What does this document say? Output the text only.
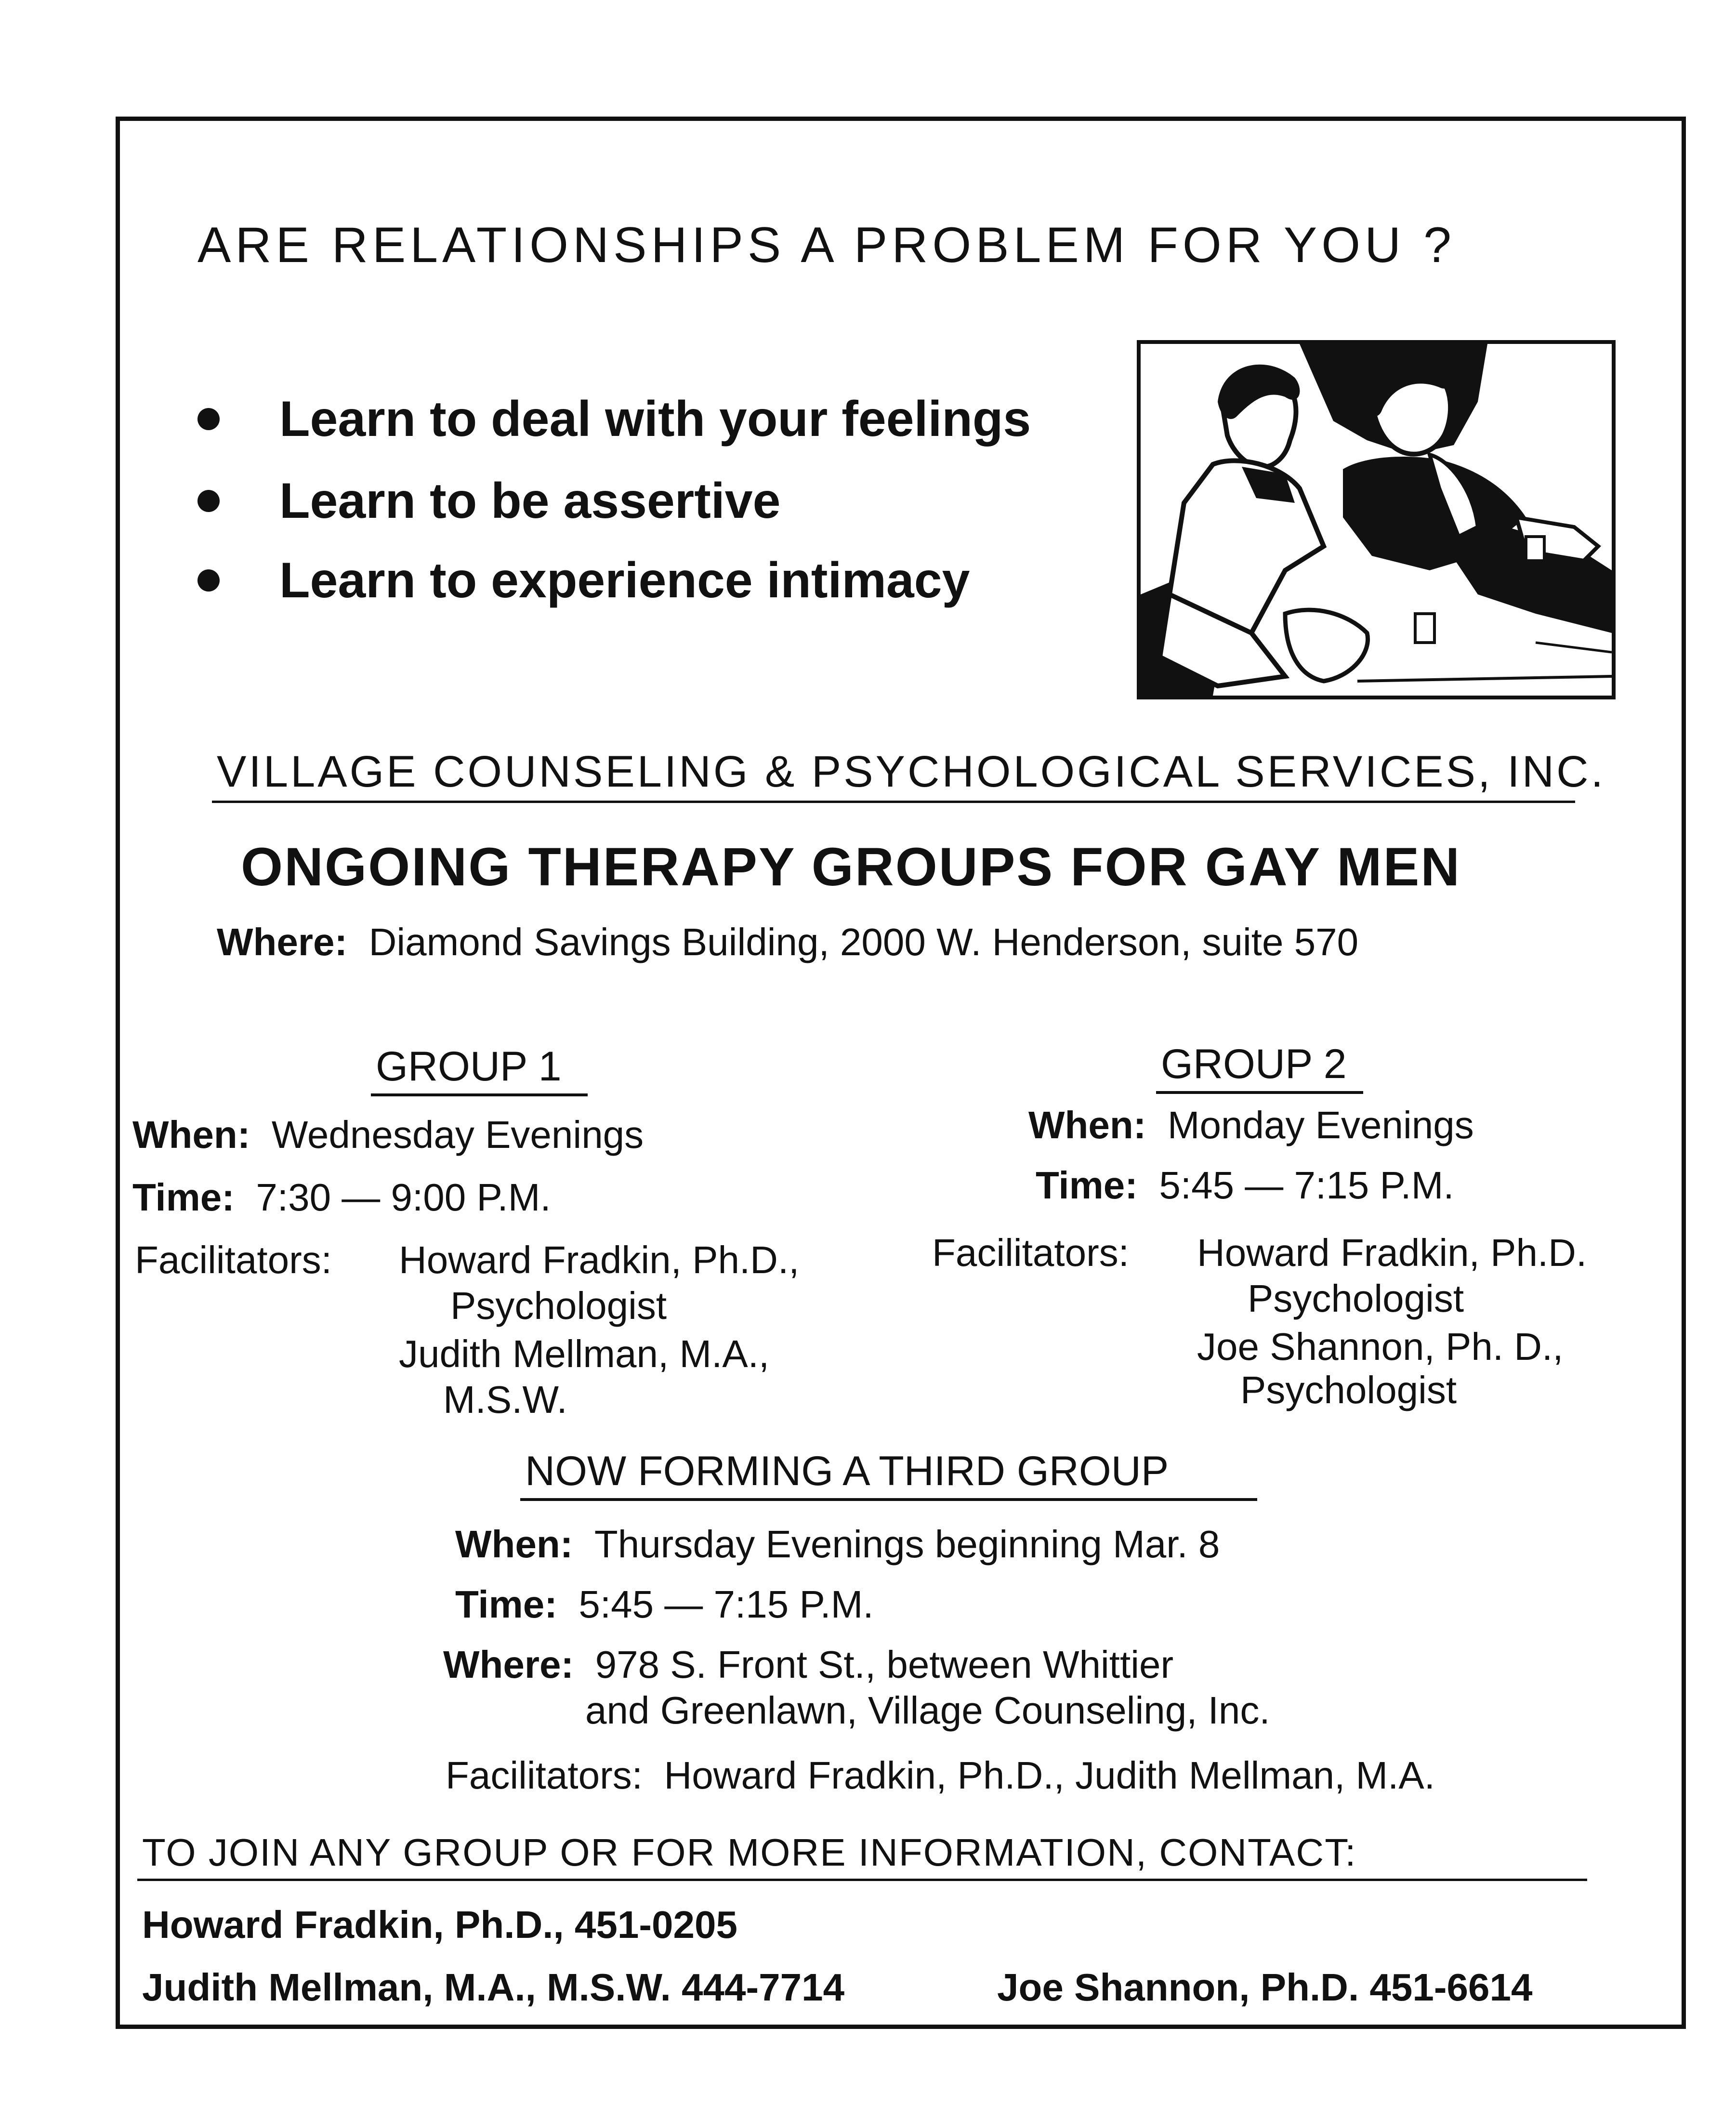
ARE RELATIONSHIPS A PROBLEM FOR YOU ?
Learn to deal with your feelings
Learn to be assertive
Learn to experience intimacy
VILLAGE COUNSELING & PSYCHOLOGICAL SERVICES, INC.
ONGOING THERAPY GROUPS FOR GAY MEN
Where: Diamond Savings Building, 2000 W. Henderson, suite 570
GROUP 1
When: Wednesday Evenings
Time: 7:30 — 9:00 P.M.
Facilitators: Howard Fradkin, Ph.D.,
Psychologist
Judith Mellman, M.A.,
M.S.W.
GROUP 2
When: Monday Evenings
Time: 5:45 — 7:15 P.M.
Facilitators: Howard Fradkin, Ph.D.
Psychologist
Joe Shannon, Ph. D.,
Psychologist
NOW FORMING A THIRD GROUP
When: Thursday Evenings beginning Mar. 8
Time: 5:45 — 7:15 P.M.
Where: 978 S. Front St., between Whittier
and Greenlawn, Village Counseling, Inc.
Facilitators: Howard Fradkin, Ph.D., Judith Mellman, M.A.
TO JOIN ANY GROUP OR FOR MORE INFORMATION, CONTACT:
Howard Fradkin, Ph.D., 451-0205
Judith Mellman, M.A., M.S.W. 444-7714	Joe Shannon, Ph.D. 451-6614
